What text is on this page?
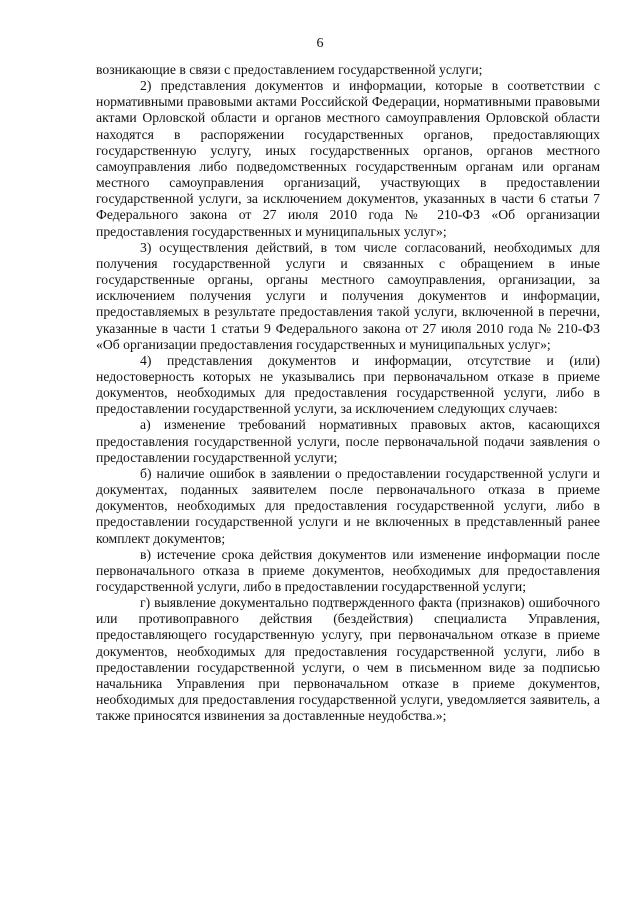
6

возникающие в связи с предоставлением государственной услуги;

2) представления документов и информации, которые в соответствии с нормативными правовыми актами Российской Федерации, нормативными правовыми актами Орловской области и органов местного самоуправления Орловской области находятся в распоряжении государственных органов, предоставляющих государственную услугу, иных государственных органов, органов местного самоуправления либо подведомственных государственным органам или органам местного самоуправления организаций, участвующих в предоставлении государственной услуги, за исключением документов, указанных в части 6 статьи 7 Федерального закона от 27 июля 2010 года № 210-ФЗ «Об организации предоставления государственных и муниципальных услуг»;

3) осуществления действий, в том числе согласований, необходимых для получения государственной услуги и связанных с обращением в иные государственные органы, органы местного самоуправления, организации, за исключением получения услуги и получения документов и информации, предоставляемых в результате предоставления такой услуги, включенной в перечни, указанные в части 1 статьи 9 Федерального закона от 27 июля 2010 года № 210-ФЗ «Об организации предоставления государственных и муниципальных услуг»;

4) представления документов и информации, отсутствие и (или) недостоверность которых не указывались при первоначальном отказе в приеме документов, необходимых для предоставления государственной услуги, либо в предоставлении государственной услуги, за исключением следующих случаев:

а) изменение требований нормативных правовых актов, касающихся предоставления государственной услуги, после первоначальной подачи заявления о предоставлении государственной услуги;

б) наличие ошибок в заявлении о предоставлении государственной услуги и документах, поданных заявителем после первоначального отказа в приеме документов, необходимых для предоставления государственной услуги, либо в предоставлении государственной услуги и не включенных в представленный ранее комплект документов;

в) истечение срока действия документов или изменение информации после первоначального отказа в приеме документов, необходимых для предоставления государственной услуги, либо в предоставлении государственной услуги;

г) выявление документально подтвержденного факта (признаков) ошибочного или противоправного действия (бездействия) специалиста Управления, предоставляющего государственную услугу, при первоначальном отказе в приеме документов, необходимых для предоставления государственной услуги, либо в предоставлении государственной услуги, о чем в письменном виде за подписью начальника Управления при первоначальном отказе в приеме документов, необходимых для предоставления государственной услуги, уведомляется заявитель, а также приносятся извинения за доставленные неудобства.»;
